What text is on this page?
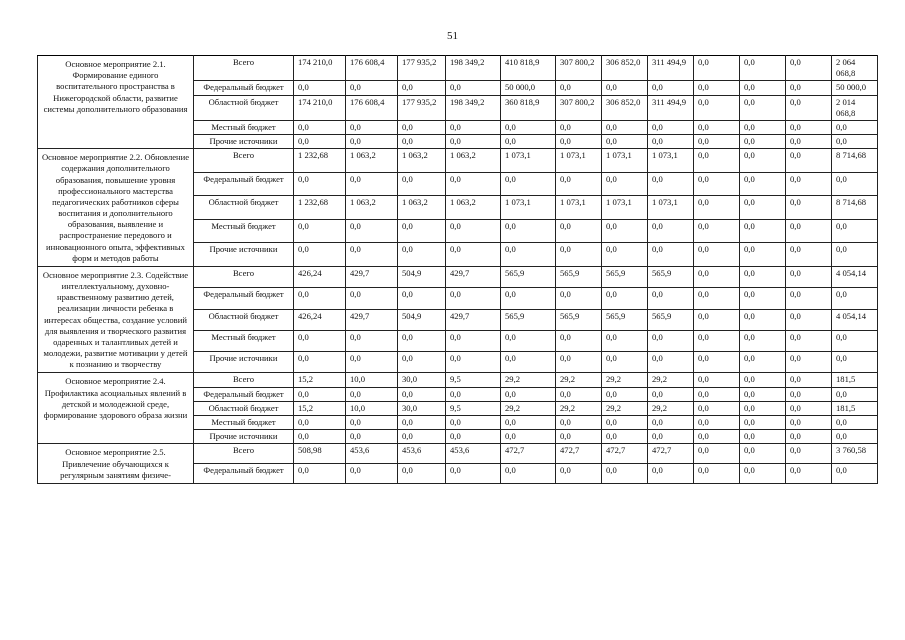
51
Основное мероприятие 2.1. Формирование единого воспитательного пространства в Нижегородской области, развитие системы дополнительного образования	Всего	174 210,0	176 608,4	177 935,2	198 349,2	410 818,9	307 800,2	306 852,0	311 494,9	0,0	0,0	0,0	2 064 068,8
	Федеральный бюджет	0,0	0,0	0,0	0,0	50 000,0	0,0	0,0	0,0	0,0	0,0	0,0	50 000,0
	Областной бюджет	174 210,0	176 608,4	177 935,2	198 349,2	360 818,9	307 800,2	306 852,0	311 494,9	0,0	0,0	0,0	2 014 068,8
	Местный бюджет	0,0	0,0	0,0	0,0	0,0	0,0	0,0	0,0	0,0	0,0	0,0	0,0
	Прочие источники	0,0	0,0	0,0	0,0	0,0	0,0	0,0	0,0	0,0	0,0	0,0	0,0
Основное мероприятие 2.2. Обновление содержания дополнительного образования, повышение уровня профессионального мастерства педагогических работников сферы воспитания и дополнительного образования, выявление и распространение передового и инновационного опыта, эффективных форм и методов работы	Всего	1 232,68	1 063,2	1 063,2	1 063,2	1 073,1	1 073,1	1 073,1	1 073,1	0,0	0,0	0,0	8 714,68
	Федеральный бюджет	0,0	0,0	0,0	0,0	0,0	0,0	0,0	0,0	0,0	0,0	0,0	0,0
	Областной бюджет	1 232,68	1 063,2	1 063,2	1 063,2	1 073,1	1 073,1	1 073,1	1 073,1	0,0	0,0	0,0	8 714,68
	Местный бюджет	0,0	0,0	0,0	0,0	0,0	0,0	0,0	0,0	0,0	0,0	0,0	0,0
	Прочие источники	0,0	0,0	0,0	0,0	0,0	0,0	0,0	0,0	0,0	0,0	0,0	0,0
Основное мероприятие 2.3. Содействие интеллектуальному, духовно-нравственному развитию детей, реализации личности ребенка в интересах общества, создание условий для выявления и творческого развития одаренных и талантливых детей и молодежи, развитие мотивации у детей к познанию и творчеству	Всего	426,24	429,7	504,9	429,7	565,9	565,9	565,9	565,9	0,0	0,0	0,0	4 054,14
	Федеральный бюджет	0,0	0,0	0,0	0,0	0,0	0,0	0,0	0,0	0,0	0,0	0,0	0,0
	Областной бюджет	426,24	429,7	504,9	429,7	565,9	565,9	565,9	565,9	0,0	0,0	0,0	4 054,14
	Местный бюджет	0,0	0,0	0,0	0,0	0,0	0,0	0,0	0,0	0,0	0,0	0,0	0,0
	Прочие источники	0,0	0,0	0,0	0,0	0,0	0,0	0,0	0,0	0,0	0,0	0,0	0,0
Основное мероприятие 2.4. Профилактика асоциальных явлений в детской и молодежной среде, формирование здорового образа жизни	Всего	15,2	10,0	30,0	9,5	29,2	29,2	29,2	29,2	0,0	0,0	0,0	181,5
	Федеральный бюджет	0,0	0,0	0,0	0,0	0,0	0,0	0,0	0,0	0,0	0,0	0,0	0,0
	Областной бюджет	15,2	10,0	30,0	9,5	29,2	29,2	29,2	29,2	0,0	0,0	0,0	181,5
	Местный бюджет	0,0	0,0	0,0	0,0	0,0	0,0	0,0	0,0	0,0	0,0	0,0	0,0
	Прочие источники	0,0	0,0	0,0	0,0	0,0	0,0	0,0	0,0	0,0	0,0	0,0	0,0
Основное мероприятие 2.5. Привлечение обучающихся к регулярным занятиям физиче-	Всего	508,98	453,6	453,6	453,6	472,7	472,7	472,7	472,7	0,0	0,0	0,0	3 760,58
	Федеральный бюджет	0,0	0,0	0,0	0,0	0,0	0,0	0,0	0,0	0,0	0,0	0,0	0,0
